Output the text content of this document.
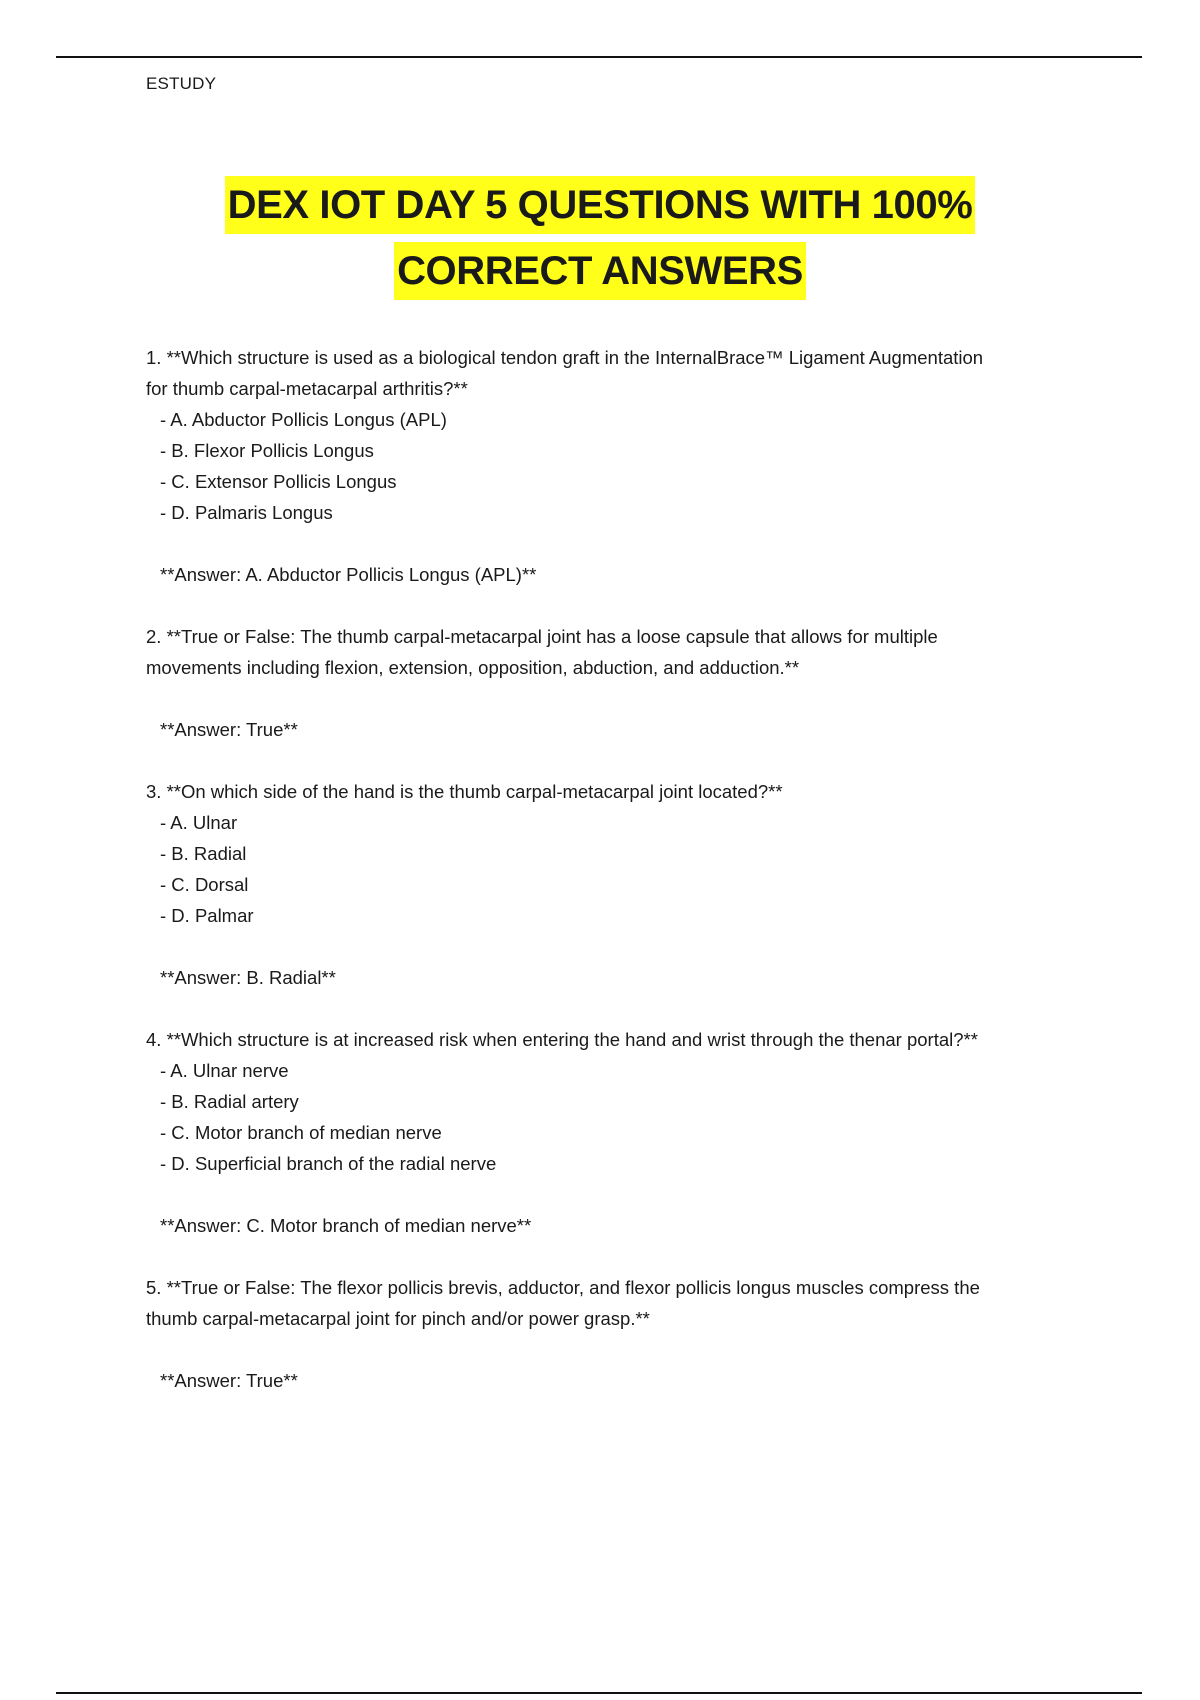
ESTUDY
DEX IOT DAY 5 QUESTIONS WITH 100%
CORRECT ANSWERS

1. **Which structure is used as a biological tendon graft in the InternalBrace™ Ligament Augmentation
for thumb carpal-metacarpal arthritis?**

- A. Abductor Pollicis Longus (APL)
- B. Flexor Pollicis Longus
- C. Extensor Pollicis Longus
- D. Palmaris Longus

**Answer: A. Abductor Pollicis Longus (APL)**

2. **True or False: The thumb carpal-metacarpal joint has a loose capsule that allows for multiple
movements including flexion, extension, opposition, abduction, and adduction.**

**Answer: True**

3. **On which side of the hand is the thumb carpal-metacarpal joint located?**

- A. Ulnar
- B. Radial
- C. Dorsal
- D. Palmar

**Answer: B. Radial**

4. **Which structure is at increased risk when entering the hand and wrist through the thenar portal?**

- A. Ulnar nerve
- B. Radial artery
- C. Motor branch of median nerve
- D. Superficial branch of the radial nerve

**Answer: C. Motor branch of median nerve**

5. **True or False: The flexor pollicis brevis, adductor, and flexor pollicis longus muscles compress the
thumb carpal-metacarpal joint for pinch and/or power grasp.**

**Answer: True**
